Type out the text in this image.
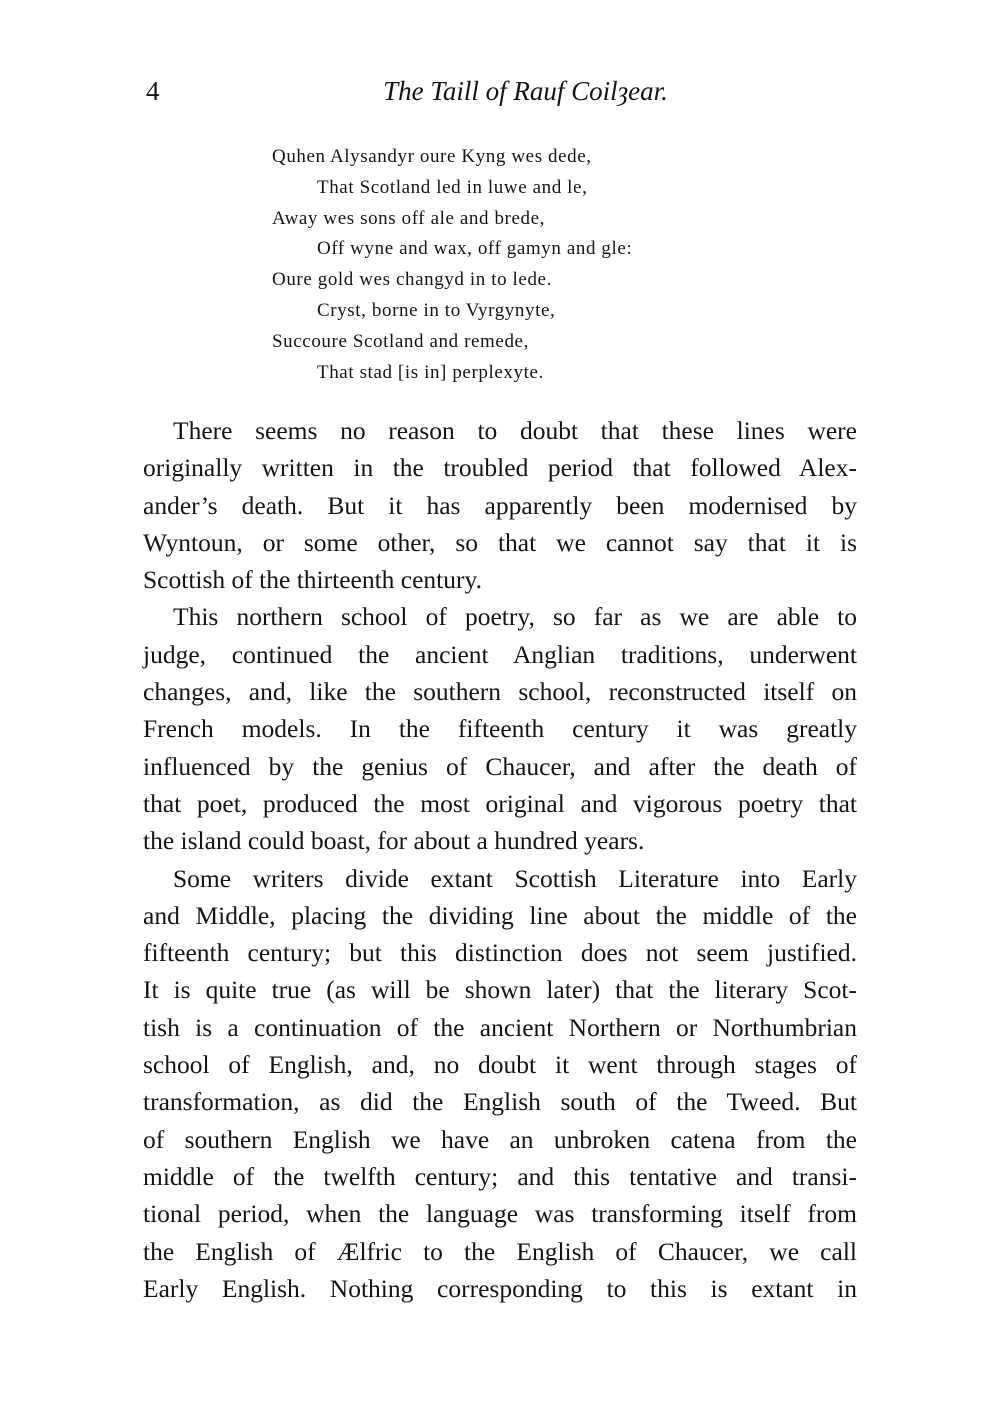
4	The Taill of Rauf Coilȝear.
Quhen Alysandyr oure Kyng wes dede,
That Scotland led in luwe and le,
Away wes sons off ale and brede,
Off wyne and wax, off gamyn and gle:
Oure gold wes changyd in to lede.
Cryst, borne in to Vyrgynyte,
Succoure Scotland and remede,
That stad [is in] perplexyte.
There seems no reason to doubt that these lines were
originally written in the troubled period that followed Alex-
ander’s death. But it has apparently been modernised by
Wyntoun, or some other, so that we cannot say that it is
Scottish of the thirteenth century.
This northern school of poetry, so far as we are able to
judge, continued the ancient Anglian traditions, underwent
changes, and, like the southern school, reconstructed itself on
French models. In the fifteenth century it was greatly
influenced by the genius of Chaucer, and after the death of
that poet, produced the most original and vigorous poetry that
the island could boast, for about a hundred years.
Some writers divide extant Scottish Literature into Early
and Middle, placing the dividing line about the middle of the
fifteenth century; but this distinction does not seem justified.
It is quite true (as will be shown later) that the literary Scot-
tish is a continuation of the ancient Northern or Northumbrian
school of English, and, no doubt it went through stages of
transformation, as did the English south of the Tweed. But
of southern English we have an unbroken catena from the
middle of the twelfth century; and this tentative and transi-
tional period, when the language was transforming itself from
the English of Ælfric to the English of Chaucer, we call
Early English. Nothing corresponding to this is extant in
